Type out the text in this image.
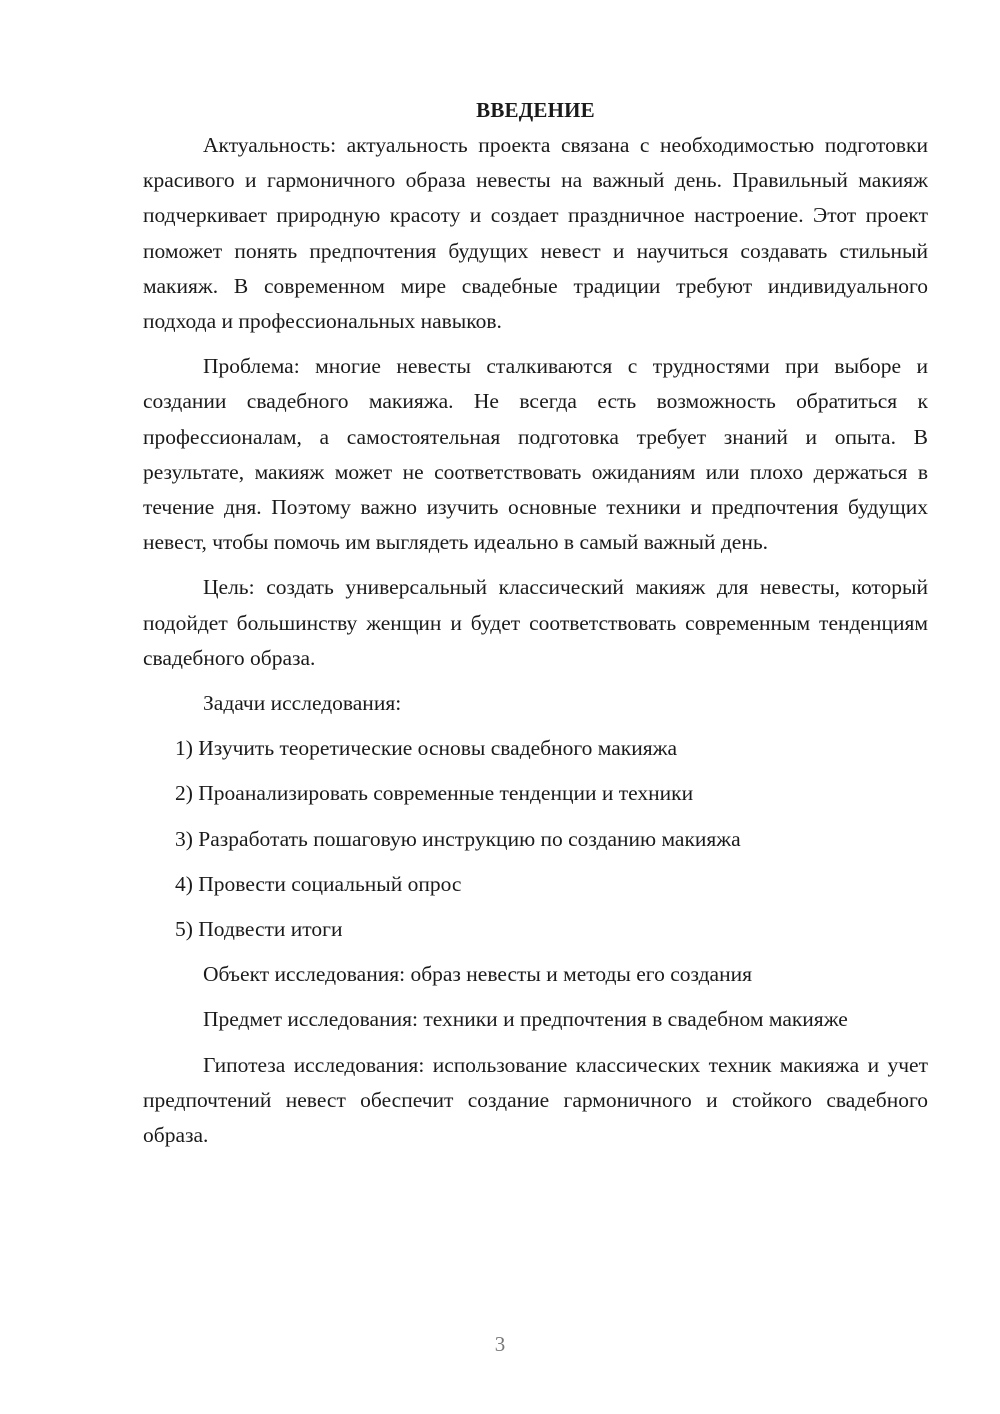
ВВЕДЕНИЕ

Актуальность: актуальность проекта связана с необходимостью подготовки красивого и гармоничного образа невесты на важный день. Правильный макияж подчеркивает природную красоту и создает праздничное настроение. Этот проект поможет понять предпочтения будущих невест и научиться создавать стильный макияж. В современном мире свадебные традиции требуют индивидуального подхода и профессиональных навыков.

Проблема: многие невесты сталкиваются с трудностями при выборе и создании свадебного макияжа. Не всегда есть возможность обратиться к профессионалам, а самостоятельная подготовка требует знаний и опыта. В результате, макияж может не соответствовать ожиданиям или плохо держаться в течение дня. Поэтому важно изучить основные техники и предпочтения будущих невест, чтобы помочь им выглядеть идеально в самый важный день.

Цель: создать универсальный классический макияж для невесты, который подойдет большинству женщин и будет соответствовать современным тенденциям свадебного образа.

Задачи исследования:

1) Изучить теоретические основы свадебного макияжа
2) Проанализировать современные тенденции и техники
3) Разработать пошаговую инструкцию по созданию макияжа
4) Провести социальный опрос
5) Подвести итоги

Объект исследования: образ невесты и методы его создания

Предмет исследования: техники и предпочтения в свадебном макияже

Гипотеза исследования: использование классических техник макияжа и учет предпочтений невест обеспечит создание гармоничного и стойкого свадебного образа.

3
